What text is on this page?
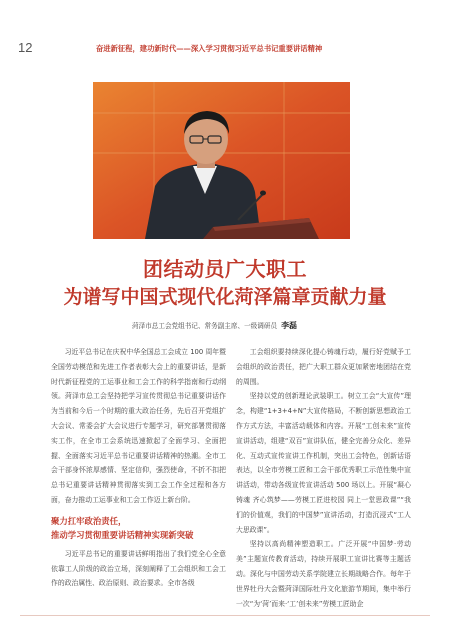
12	奋进新征程，建功新时代——深入学习贯彻习近平总书记重要讲话精神
团结动员广大职工
为谱写中国式现代化菏泽篇章贡献力量
菏泽市总工会党组书记、常务副主席、一级调研员 李磊

习近平总书记在庆祝中华全国总工会成立 100 周年暨全国劳动模范和先进工作者表彰大会上的重要讲话，是新时代新征程党的工运事业和工会工作的科学指南和行动纲领。菏泽市总工会坚持把学习宣传贯彻总书记重要讲话作为当前和今后一个时期的重大政治任务，先后召开党组扩大会议、常委会扩大会议进行专题学习，研究部署贯彻落实工作，在全市工会系统迅速掀起了全面学习、全面把握、全面落实习近平总书记重要讲话精神的热潮。全市工会干部身怀浓厚感情、坚定信仰，强烈使命，不折不扣把总书记重要讲话精神贯彻落实到工会工作全过程和各方面，奋力推动工运事业和工会工作迈上新台阶。

聚力扛牢政治责任，
推动学习贯彻重要讲话精神实现新突破

习近平总书记的重要讲话鲜明指出了我们党全心全意依靠工人阶级的政治立场，深刻阐释了工会组织和工会工作的政治属性、政治原则、政治要求。全市各级

工会组织要持续深化提心铸魂行动，履行好党赋予工会组织的政治责任，把广大职工群众更加紧密地团结在党的周围。

坚持以党的创新理论武装职工。树立工会“大宣传”理念，构建“1+3+4+N”大宣传格局，不断创新思想政治工作方式方法，丰富活动载体和内容。开展“工创未来”宣传宣讲活动，组建“双百”宣讲队伍，健全完善分众化、差异化、互动式宣传宣讲工作机制，突出工会特色，创新话语表达，以全市劳模工匠和工会干部优秀职工示范性集中宣讲活动，带动各级宣传宣讲活动 500 场以上。开展“凝心铸魂 齐心筑梦——劳模工匠进校园 同上一堂思政课”“我们的价值观，我们的中国梦”宣讲活动，打造沉浸式“工人大思政课”。

坚持以高尚精神塑造职工。广泛开展“中国梦·劳动美”主题宣传教育活动，持续开展职工宣讲比赛等主题活动。深化与中国劳动关系学院建立长期战略合作。每年于世界牡丹大会暨菏泽国际牡丹文化旅游节期间，集中举行一次“为‘菏’而来·‘工’创未来”劳模工匠助企
